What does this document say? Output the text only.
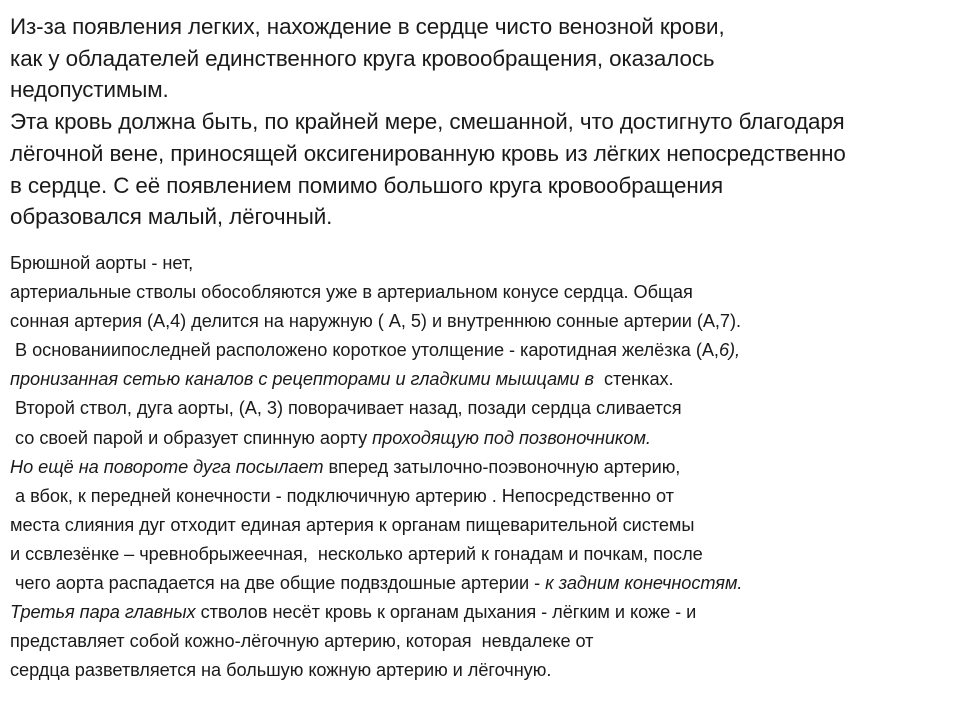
Из-за появления легких, нахождение в сердце чисто венозной крови,
как у обладателей единственного круга кровообращения, оказалось
недопустимым.
Эта кровь должна быть, по крайней мере, смешанной, что достигнуто благодаря
лёгочной вене, приносящей оксигенированную кровь из лёгких непосредственно
в сердце. С её появлением помимо большого круга кровообращения
образовался малый, лёгочный.
Брюшной аорты - нет,
артериальные стволы обособляются уже в артериальном конусе сердца. Общая
сонная артерия (А,4) делится на наружную ( А, 5) и внутреннюю сонные артерии (А,7).
В основаниипоследней расположено короткое утолщение - каротидная желёзка (А,6),
пронизанная сетью каналов с рецепторами и гладкими мышцами в  стенках.
Второй ствол, дуга аорты, (А, 3) поворачивает назад, позади сердца сливается
со своей парой и образует спинную аорту проходящую под позвоночником.
Но ещё на повороте дуга посылает вперед затылочно-поэвоночную артерию,
а вбок, к передней конечности - подключичную артерию . Непосредственно от
места слияния дуг отходит единая артерия к органам пищеварительной системы
и ссвлезёнке – чревнобрыжеечная,  несколько артерий к гонадам и почкам, после
чего аорта распадается на две общие подвздошные артерии - к задним конечностям.
Третья пара главных стволов несёт кровь к органам дыхания - лёгким и коже - и
представляет собой кожно-лёгочную артерию, которая  невдалеке от
сердца разветвляется на большую кожную артерию и лёгочную.
